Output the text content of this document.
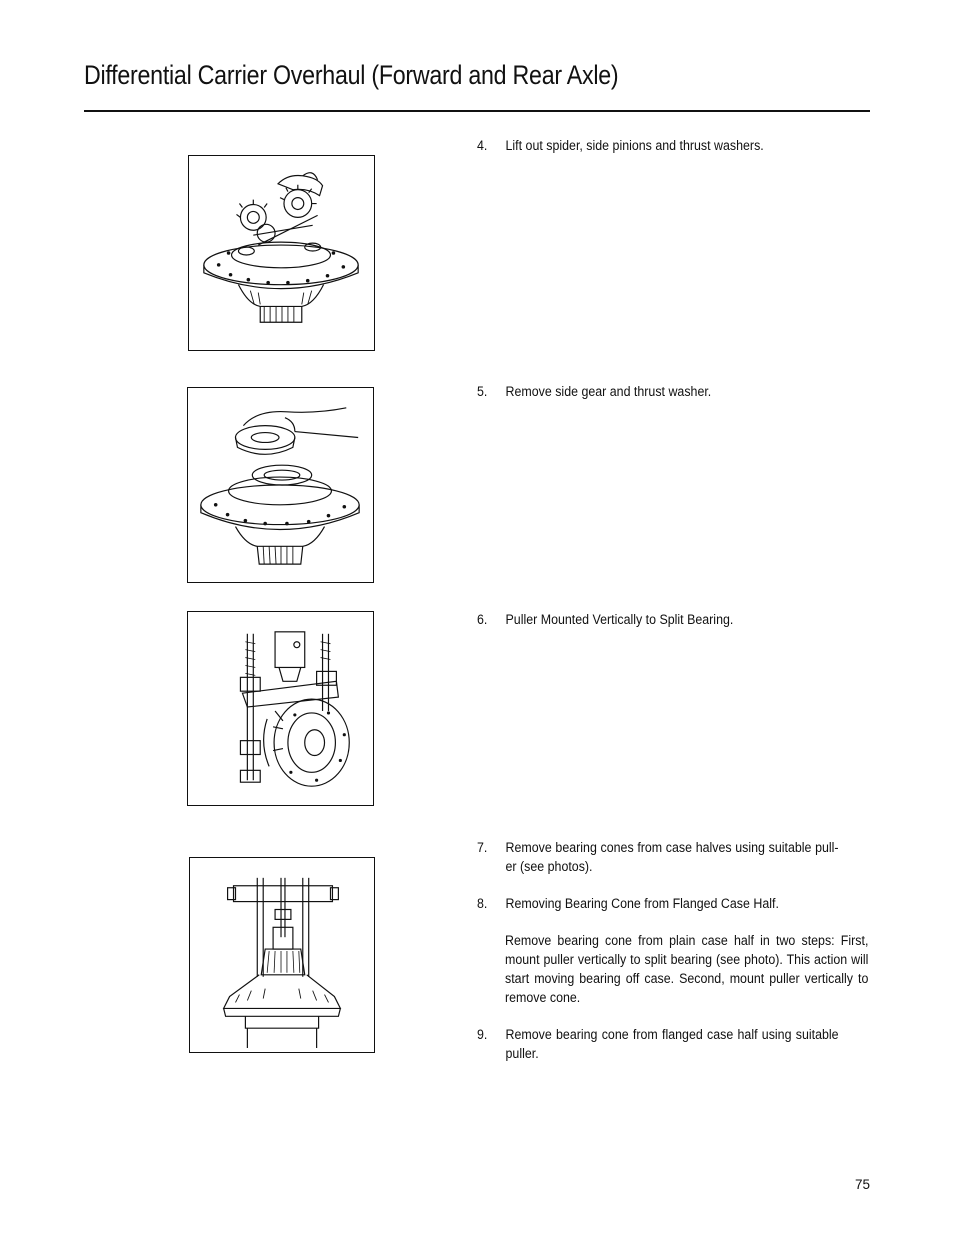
Differential Carrier Overhaul (Forward and Rear Axle)
4. Lift out spider, side pinions and thrust washers.
5. Remove side gear and thrust washer.
6. Puller Mounted Vertically to Split Bearing.
7. Remove bearing cones from case halves using suitable pull-er (see photos).
8. Removing Bearing Cone from Flanged Case Half.
Remove bearing cone from plain case half in two steps: First, mount puller vertically to split bearing (see photo). This action will start moving bearing off case. Second, mount puller vertically to remove cone.
9. Remove bearing cone from flanged case half using suitable puller.
75
